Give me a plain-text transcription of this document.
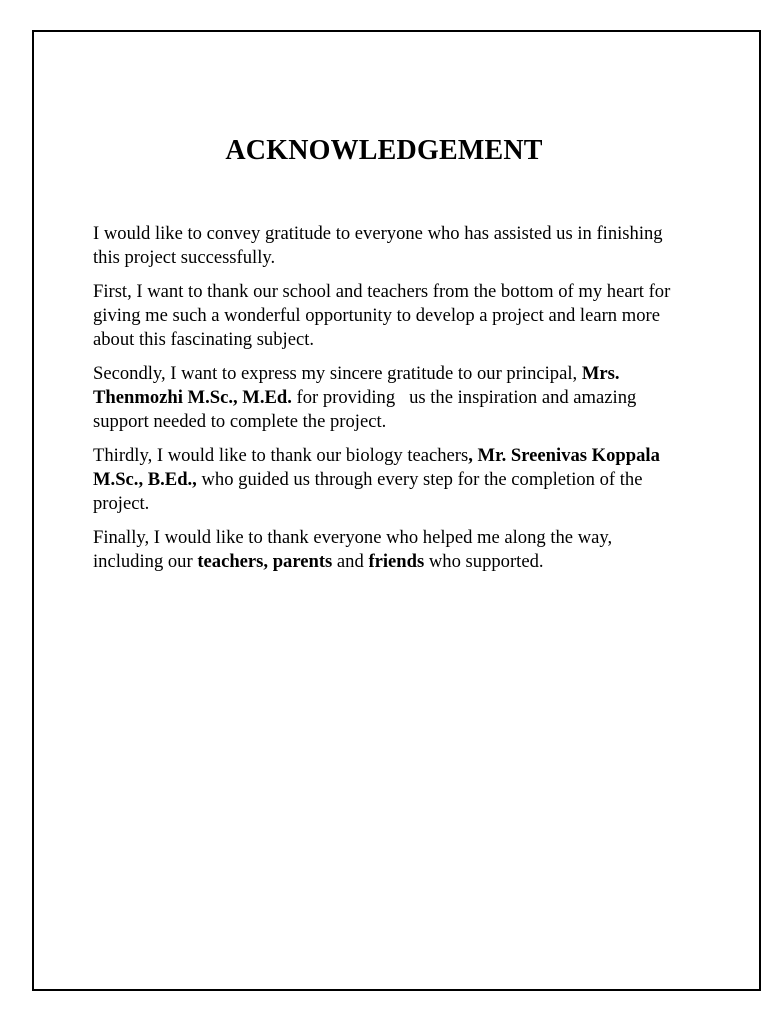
ACKNOWLEDGEMENT

I would like to convey gratitude to everyone who has assisted us in finishing this project successfully.

First, I want to thank our school and teachers from the bottom of my heart for giving me such a wonderful opportunity to develop a project and learn more about this fascinating subject.

Secondly, I want to express my sincere gratitude to our principal, Mrs. Thenmozhi M.Sc., M.Ed. for providing   us the inspiration and amazing support needed to complete the project.

Thirdly, I would like to thank our biology teachers, Mr. Sreenivas Koppala M.Sc., B.Ed., who guided us through every step for the completion of the project.

Finally, I would like to thank everyone who helped me along the way, including our teachers, parents and friends who supported.
